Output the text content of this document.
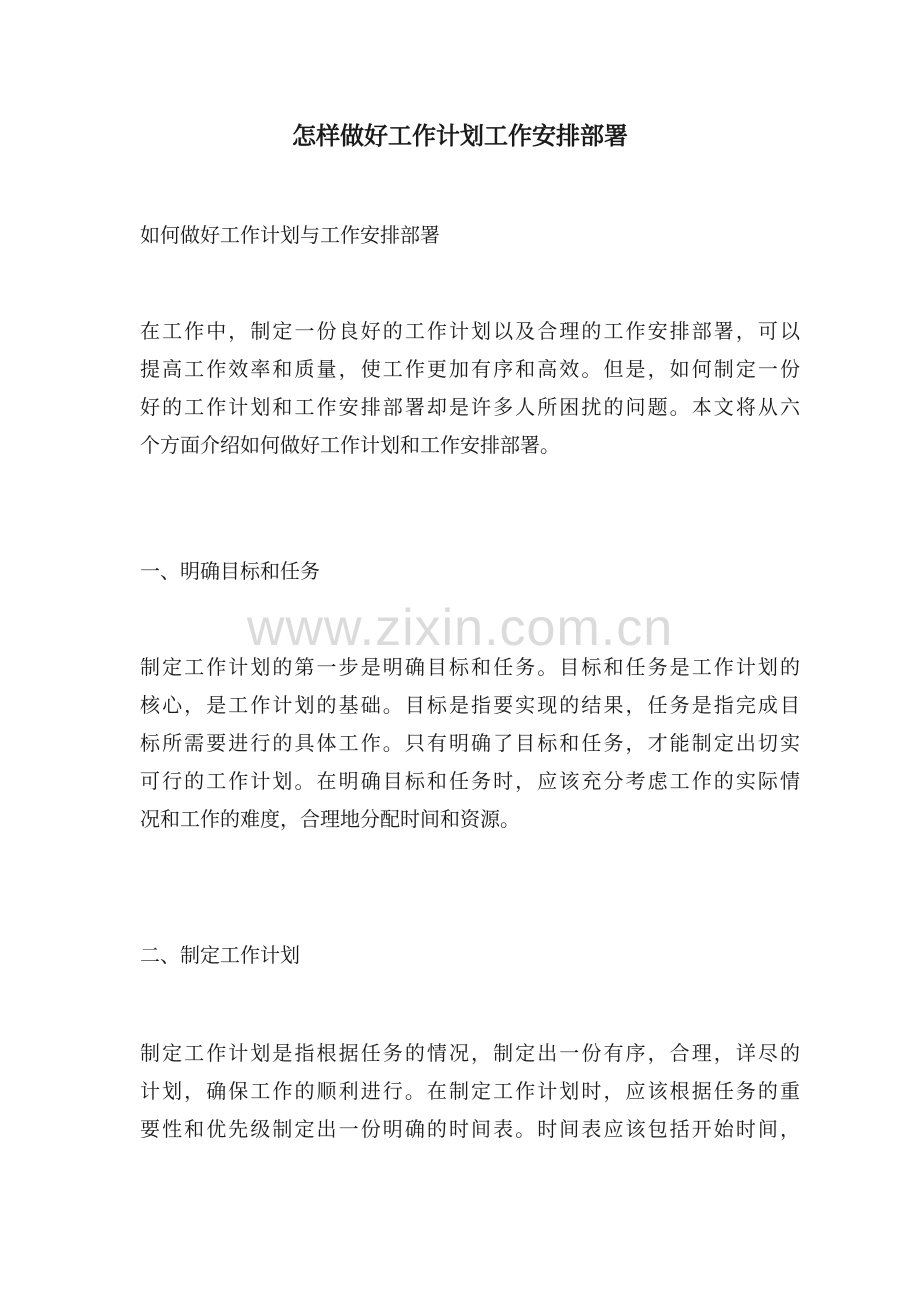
怎样做好工作计划工作安排部署

如何做好工作计划与工作安排部署

在工作中，制定一份良好的工作计划以及合理的工作安排部署，可以
提高工作效率和质量，使工作更加有序和高效。但是，如何制定一份
好的工作计划和工作安排部署却是许多人所困扰的问题。本文将从六
个方面介绍如何做好工作计划和工作安排部署。

一、明确目标和任务

制定工作计划的第一步是明确目标和任务。目标和任务是工作计划的
核心，是工作计划的基础。目标是指要实现的结果，任务是指完成目
标所需要进行的具体工作。只有明确了目标和任务，才能制定出切实
可行的工作计划。在明确目标和任务时，应该充分考虑工作的实际情
况和工作的难度，合理地分配时间和资源。

二、制定工作计划

制定工作计划是指根据任务的情况，制定出一份有序，合理，详尽的
计划，确保工作的顺利进行。在制定工作计划时，应该根据任务的重
要性和优先级制定出一份明确的时间表。时间表应该包括开始时间，
www.zixin.com.cn
